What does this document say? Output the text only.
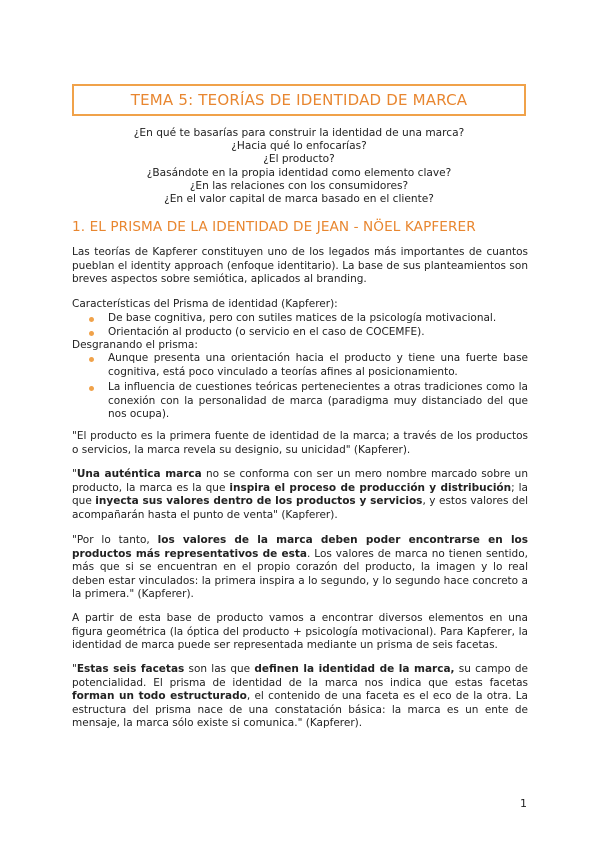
TEMA 5: TEORÍAS DE IDENTIDAD DE MARCA
¿En qué te basarías para construir la identidad de una marca?
¿Hacia qué lo enfocarías?
¿El producto?
¿Basándote en la propia identidad como elemento clave?
¿En las relaciones con los consumidores?
¿En el valor capital de marca basado en el cliente?
1. EL PRISMA DE LA IDENTIDAD DE JEAN - NÖEL KAPFERER
Las teorías de Kapferer constituyen uno de los legados más importantes de cuantos pueblan el identity approach (enfoque identitario). La base de sus planteamientos son breves aspectos sobre semiótica, aplicados al branding.
Características del Prisma de identidad (Kapferer):
De base cognitiva, pero con sutiles matices de la psicología motivacional.
Orientación al producto (o servicio en el caso de COCEMFE).
Desgranando el prisma:
Aunque presenta una orientación hacia el producto y tiene una fuerte base cognitiva, está poco vinculado a teorías afines al posicionamiento.
La influencia de cuestiones teóricas pertenecientes a otras tradiciones como la conexión con la personalidad de marca (paradigma muy distanciado del que nos ocupa).
"El producto es la primera fuente de identidad de la marca; a través de los productos o servicios, la marca revela su designio, su unicidad" (Kapferer).
"Una auténtica marca no se conforma con ser un mero nombre marcado sobre un producto, la marca es la que inspira el proceso de producción y distribución; la que inyecta sus valores dentro de los productos y servicios, y estos valores del acompañarán hasta el punto de venta" (Kapferer).
"Por lo tanto, los valores de la marca deben poder encontrarse en los productos más representativos de esta. Los valores de marca no tienen sentido, más que si se encuentran en el propio corazón del producto, la imagen y lo real deben estar vinculados: la primera inspira a lo segundo, y lo segundo hace concreto a la primera." (Kapferer).
A partir de esta base de producto vamos a encontrar diversos elementos en una figura geométrica (la óptica del producto + psicología motivacional). Para Kapferer, la identidad de marca puede ser representada mediante un prisma de seis facetas.
"Estas seis facetas son las que definen la identidad de la marca, su campo de potencialidad. El prisma de identidad de la marca nos indica que estas facetas forman un todo estructurado, el contenido de una faceta es el eco de la otra. La estructura del prisma nace de una constatación básica: la marca es un ente de mensaje, la marca sólo existe si comunica." (Kapferer).
1
